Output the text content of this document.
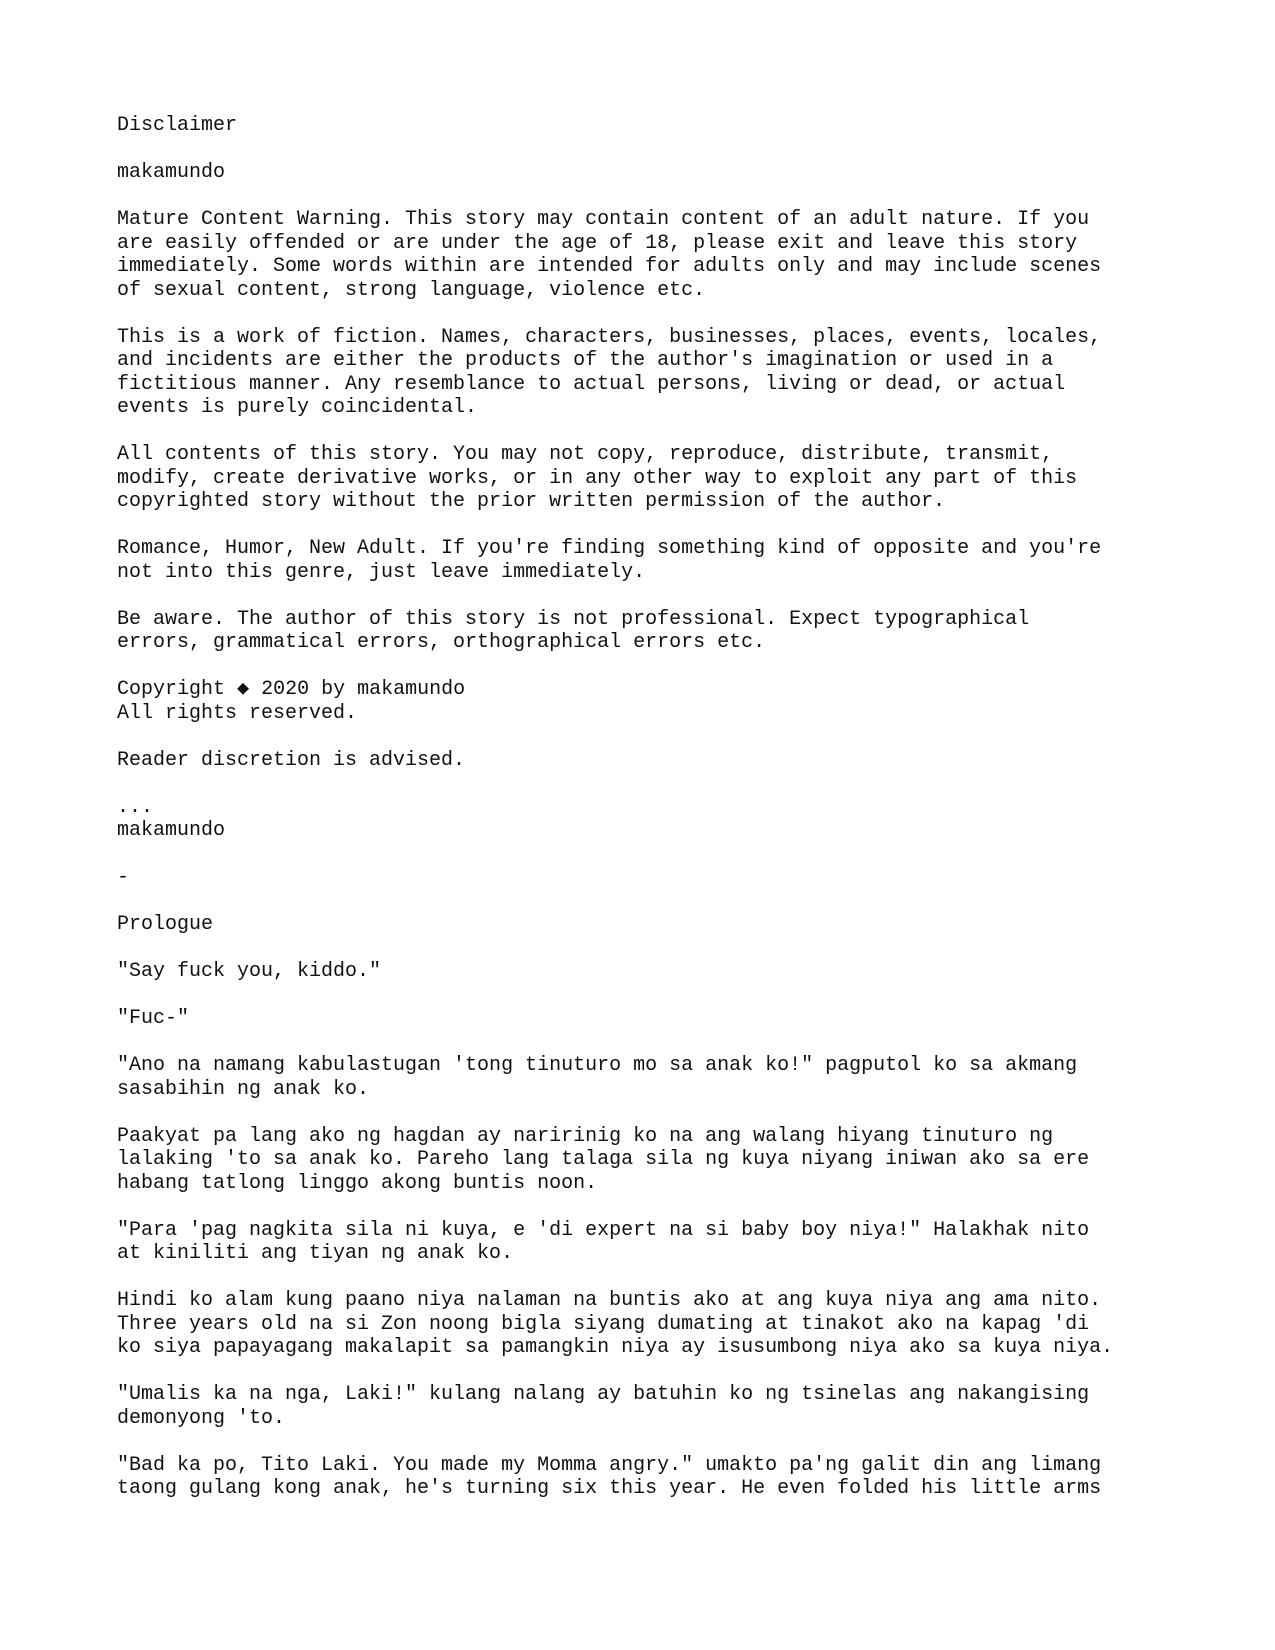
Disclaimer

makamundo

Mature Content Warning. This story may contain content of an adult nature. If you
are easily offended or are under the age of 18, please exit and leave this story
immediately. Some words within are intended for adults only and may include scenes
of sexual content, strong language, violence etc.

This is a work of fiction. Names, characters, businesses, places, events, locales,
and incidents are either the products of the author's imagination or used in a
fictitious manner. Any resemblance to actual persons, living or dead, or actual
events is purely coincidental.

All contents of this story. You may not copy, reproduce, distribute, transmit,
modify, create derivative works, or in any other way to exploit any part of this
copyrighted story without the prior written permission of the author.

Romance, Humor, New Adult. If you're finding something kind of opposite and you're
not into this genre, just leave immediately.

Be aware. The author of this story is not professional. Expect typographical
errors, grammatical errors, orthographical errors etc.

Copyright ◆ 2020 by makamundo
All rights reserved.

Reader discretion is advised.

...
makamundo

-

Prologue

"Say fuck you, kiddo."

"Fuc-"

"Ano na namang kabulastugan 'tong tinuturo mo sa anak ko!" pagputol ko sa akmang
sasabihin ng anak ko.

Paakyat pa lang ako ng hagdan ay naririnig ko na ang walang hiyang tinuturo ng
lalaking 'to sa anak ko. Pareho lang talaga sila ng kuya niyang iniwan ako sa ere
habang tatlong linggo akong buntis noon.

"Para 'pag nagkita sila ni kuya, e 'di expert na si baby boy niya!" Halakhak nito
at kiniliti ang tiyan ng anak ko.

Hindi ko alam kung paano niya nalaman na buntis ako at ang kuya niya ang ama nito.
Three years old na si Zon noong bigla siyang dumating at tinakot ako na kapag 'di
ko siya papayagang makalapit sa pamangkin niya ay isusumbong niya ako sa kuya niya.

"Umalis ka na nga, Laki!" kulang nalang ay batuhin ko ng tsinelas ang nakangising
demonyong 'to.

"Bad ka po, Tito Laki. You made my Momma angry." umakto pa'ng galit din ang limang
taong gulang kong anak, he's turning six this year. He even folded his little arms
